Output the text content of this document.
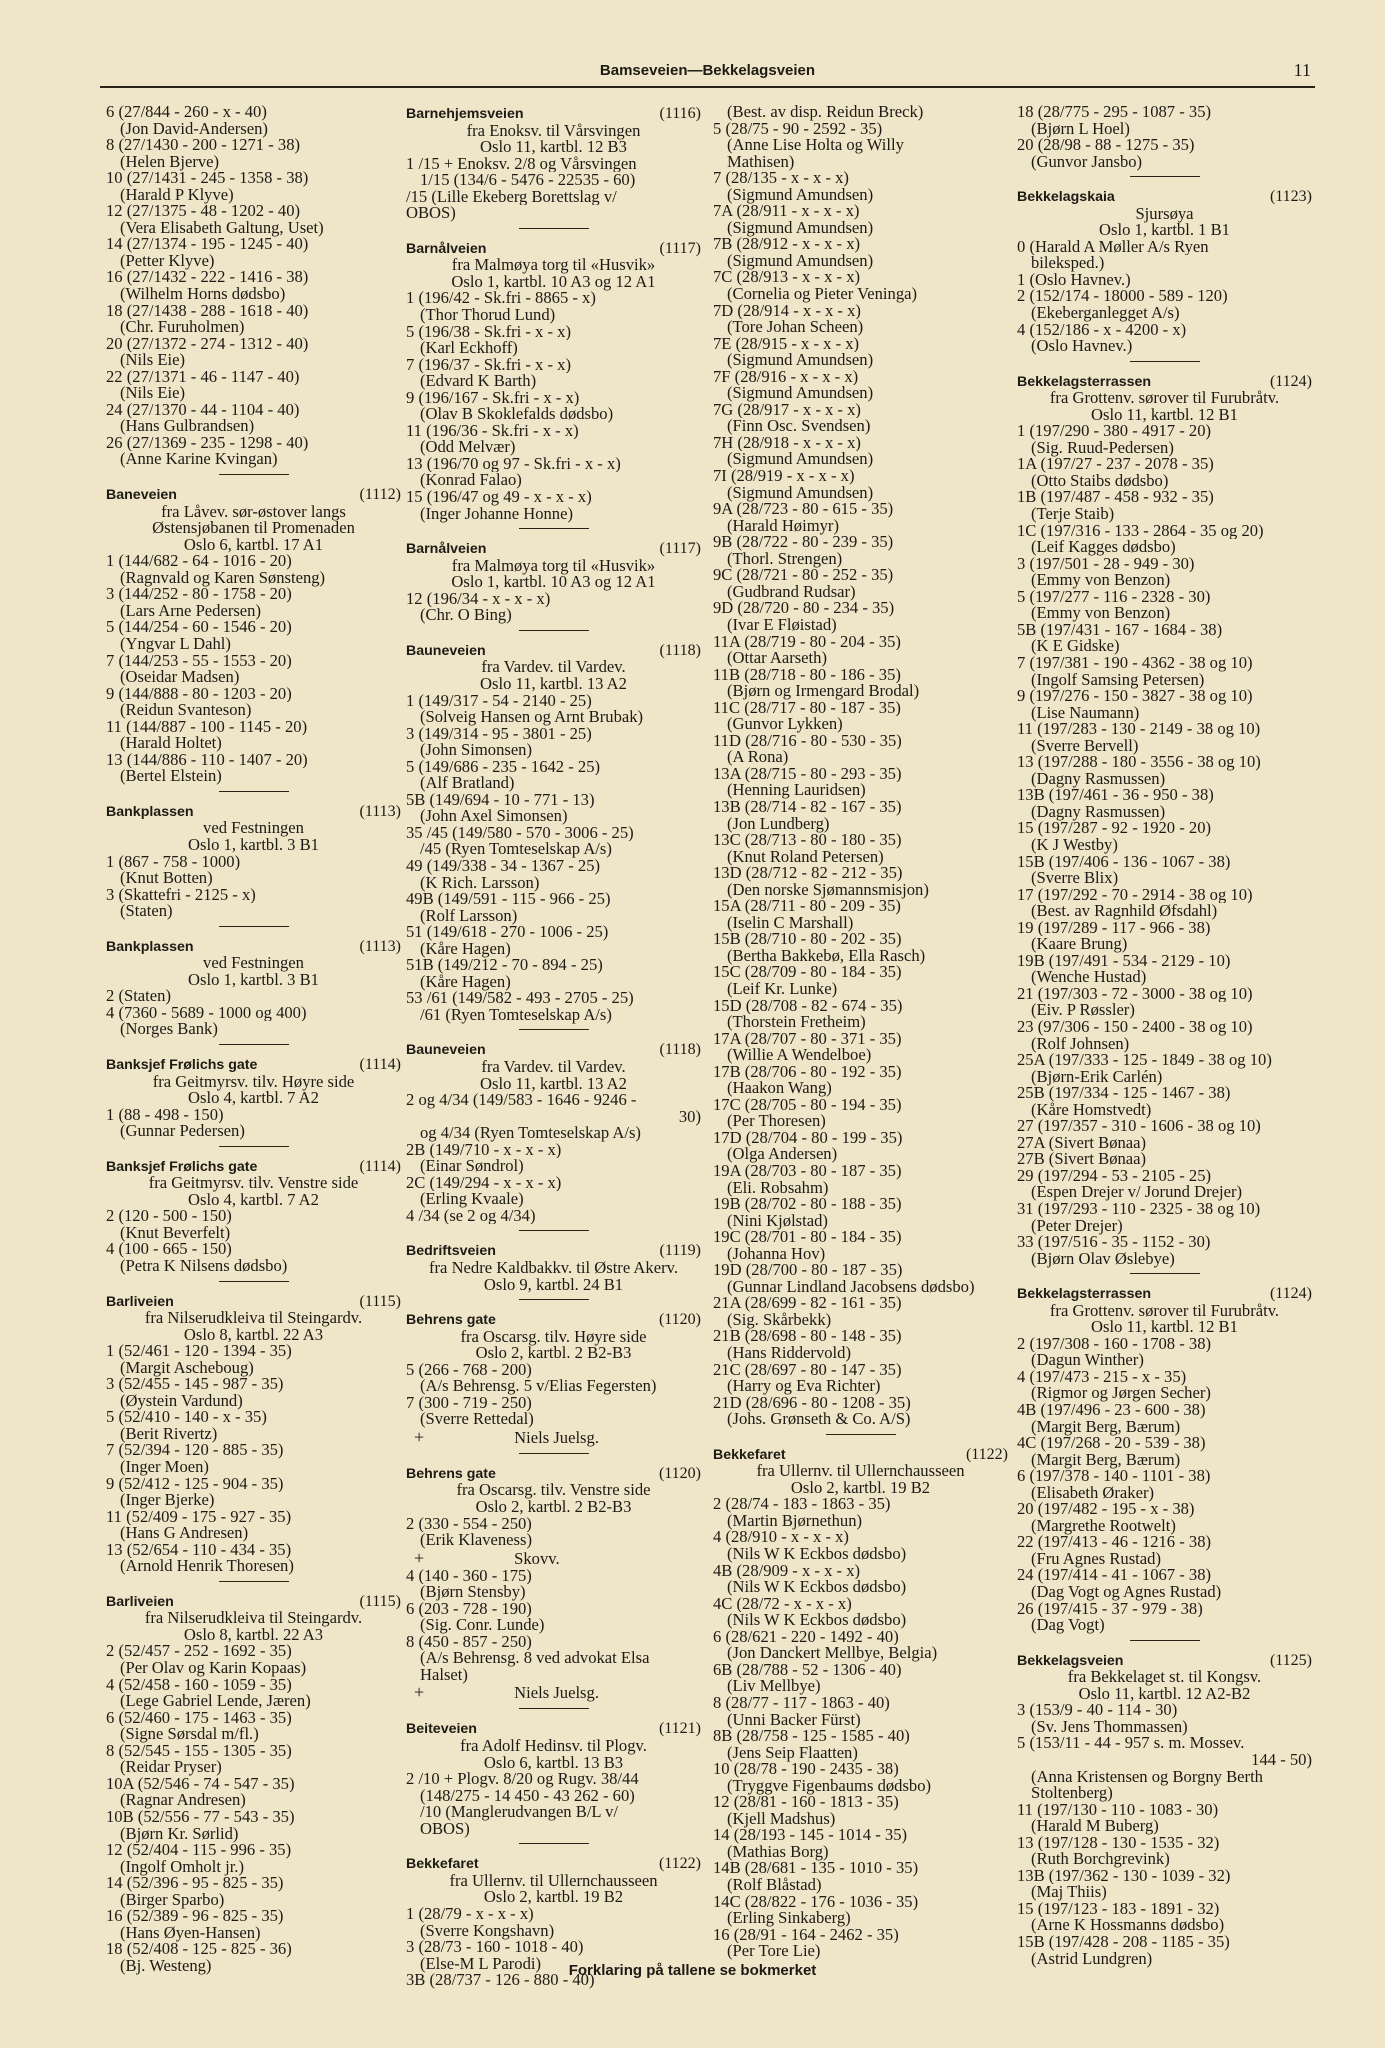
Bamseveien—Bekkelagsveien	11
6 (27/844 - 260 - x - 40)
(Jon David-Andersen)
8 (27/1430 - 200 - 1271 - 38)
(Helen Bjerve)
10 (27/1431 - 245 - 1358 - 38)
(Harald P Klyve)
12 (27/1375 - 48 - 1202 - 40)
(Vera Elisabeth Galtung, Uset)
14 (27/1374 - 195 - 1245 - 40)
(Petter Klyve)
16 (27/1432 - 222 - 1416 - 38)
(Wilhelm Horns dødsbo)
18 (27/1438 - 288 - 1618 - 40)
(Chr. Furuholmen)
20 (27/1372 - 274 - 1312 - 40)
(Nils Eie)
22 (27/1371 - 46 - 1147 - 40)
(Nils Eie)
24 (27/1370 - 44 - 1104 - 40)
(Hans Gulbrandsen)
26 (27/1369 - 235 - 1298 - 40)
(Anne Karine Kvingan)
Baneveien	(1112)
fra Låvev. sør-østover langs
Østensjøbanen til Promenaden
Oslo 6, kartbl. 17 A1
1 (144/682 - 64 - 1016 - 20)
(Ragnvald og Karen Sønsteng)
3 (144/252 - 80 - 1758 - 20)
(Lars Arne Pedersen)
5 (144/254 - 60 - 1546 - 20)
(Yngvar L Dahl)
7 (144/253 - 55 - 1553 - 20)
(Oseidar Madsen)
9 (144/888 - 80 - 1203 - 20)
(Reidun Svanteson)
11 (144/887 - 100 - 1145 - 20)
(Harald Holtet)
13 (144/886 - 110 - 1407 - 20)
(Bertel Elstein)
Bankplassen	(1113)
ved Festningen
Oslo 1, kartbl. 3 B1
1 (867 - 758 - 1000)
(Knut Botten)
3 (Skattefri - 2125 - x)
(Staten)
Bankplassen	(1113)
ved Festningen
Oslo 1, kartbl. 3 B1
2 (Staten)
4 (7360 - 5689 - 1000 og 400)
(Norges Bank)
Banksjef Frølichs gate	(1114)
fra Geitmyrsv. tilv. Høyre side
Oslo 4, kartbl. 7 A2
1 (88 - 498 - 150)
(Gunnar Pedersen)
Banksjef Frølichs gate	(1114)
fra Geitmyrsv. tilv. Venstre side
Oslo 4, kartbl. 7 A2
2 (120 - 500 - 150)
(Knut Beverfelt)
4 (100 - 665 - 150)
(Petra K Nilsens dødsbo)
Barliveien	(1115)
fra Nilserudkleiva til Steingardv.
Oslo 8, kartbl. 22 A3
1 (52/461 - 120 - 1394 - 35)
(Margit Ascheboug)
3 (52/455 - 145 - 987 - 35)
(Øystein Vardund)
5 (52/410 - 140 - x - 35)
(Berit Rivertz)
7 (52/394 - 120 - 885 - 35)
(Inger Moen)
9 (52/412 - 125 - 904 - 35)
(Inger Bjerke)
11 (52/409 - 175 - 927 - 35)
(Hans G Andresen)
13 (52/654 - 110 - 434 - 35)
(Arnold Henrik Thoresen)
Barliveien	(1115)
fra Nilserudkleiva til Steingardv.
Oslo 8, kartbl. 22 A3
2 (52/457 - 252 - 1692 - 35)
(Per Olav og Karin Kopaas)
4 (52/458 - 160 - 1059 - 35)
(Lege Gabriel Lende, Jæren)
6 (52/460 - 175 - 1463 - 35)
(Signe Sørsdal m/fl.)
8 (52/545 - 155 - 1305 - 35)
(Reidar Pryser)
10A (52/546 - 74 - 547 - 35)
(Ragnar Andresen)
10B (52/556 - 77 - 543 - 35)
(Bjørn Kr. Sørlid)
12 (52/404 - 115 - 996 - 35)
(Ingolf Omholt jr.)
14 (52/396 - 95 - 825 - 35)
(Birger Sparbo)
16 (52/389 - 96 - 825 - 35)
(Hans Øyen-Hansen)
18 (52/408 - 125 - 825 - 36)
(Bj. Westeng)
Barnehjemsveien	(1116)
fra Enoksv. til Vårsvingen
Oslo 11, kartbl. 12 B3
1 /15 + Enoksv. 2/8 og Vårsvingen
1/15 (134/6 - 5476 - 22535 - 60)
/15 (Lille Ekeberg Borettslag v/
OBOS)
Barnålveien	(1117)
fra Malmøya torg til «Husvik»
Oslo 1, kartbl. 10 A3 og 12 A1
1 (196/42 - Sk.fri - 8865 - x)
(Thor Thorud Lund)
5 (196/38 - Sk.fri - x - x)
(Karl Eckhoff)
7 (196/37 - Sk.fri - x - x)
(Edvard K Barth)
9 (196/167 - Sk.fri - x - x)
(Olav B Skoklefalds dødsbo)
11 (196/36 - Sk.fri - x - x)
(Odd Melvær)
13 (196/70 og 97 - Sk.fri - x - x)
(Konrad Falao)
15 (196/47 og 49 - x - x - x)
(Inger Johanne Honne)
Barnålveien	(1117)
fra Malmøya torg til «Husvik»
Oslo 1, kartbl. 10 A3 og 12 A1
12 (196/34 - x - x - x)
(Chr. O Bing)
Bauneveien	(1118)
fra Vardev. til Vardev.
Oslo 11, kartbl. 13 A2
1 (149/317 - 54 - 2140 - 25)
(Solveig Hansen og Arnt Brubak)
3 (149/314 - 95 - 3801 - 25)
(John Simonsen)
5 (149/686 - 235 - 1642 - 25)
(Alf Bratland)
5B (149/694 - 10 - 771 - 13)
(John Axel Simonsen)
35 /45 (149/580 - 570 - 3006 - 25)
/45 (Ryen Tomteselskap A/s)
49 (149/338 - 34 - 1367 - 25)
(K Rich. Larsson)
49B (149/591 - 115 - 966 - 25)
(Rolf Larsson)
51 (149/618 - 270 - 1006 - 25)
(Kåre Hagen)
51B (149/212 - 70 - 894 - 25)
(Kåre Hagen)
53 /61 (149/582 - 493 - 2705 - 25)
/61 (Ryen Tomteselskap A/s)
Bauneveien	(1118)
fra Vardev. til Vardev.
Oslo 11, kartbl. 13 A2
2 og 4/34 (149/583 - 1646 - 9246 -
30)
og 4/34 (Ryen Tomteselskap A/s)
2B (149/710 - x - x - x)
(Einar Søndrol)
2C (149/294 - x - x - x)
(Erling Kvaale)
4 /34 (se 2 og 4/34)
Bedriftsveien	(1119)
fra Nedre Kaldbakkv. til Østre Akerv.
Oslo 9, kartbl. 24 B1
Behrens gate	(1120)
fra Oscarsg. tilv. Høyre side
Oslo 2, kartbl. 2 B2-B3
5 (266 - 768 - 200)
(A/s Behrensg. 5 v/Elias Fegersten)
7 (300 - 719 - 250)
(Sverre Rettedal)
+	Niels Juelsg.
Behrens gate	(1120)
fra Oscarsg. tilv. Venstre side
Oslo 2, kartbl. 2 B2-B3
2 (330 - 554 - 250)
(Erik Klaveness)
+	Skovv.
4 (140 - 360 - 175)
(Bjørn Stensby)
6 (203 - 728 - 190)
(Sig. Conr. Lunde)
8 (450 - 857 - 250)
(A/s Behrensg. 8 ved advokat Elsa
Halset)
+	Niels Juelsg.
Beiteveien	(1121)
fra Adolf Hedinsv. til Plogv.
Oslo 6, kartbl. 13 B3
2 /10 + Plogv. 8/20 og Rugv. 38/44
(148/275 - 14 450 - 43 262 - 60)
/10 (Manglerudvangen B/L v/
OBOS)
Bekkefaret	(1122)
fra Ullernv. til Ullernchausseen
Oslo 2, kartbl. 19 B2
1 (28/79 - x - x - x)
(Sverre Kongshavn)
3 (28/73 - 160 - 1018 - 40)
(Else-M L Parodi)
3B (28/737 - 126 - 880 - 40)
(Best. av disp. Reidun Breck)
5 (28/75 - 90 - 2592 - 35)
(Anne Lise Holta og Willy
Mathisen)
7 (28/135 - x - x - x)
(Sigmund Amundsen)
7A (28/911 - x - x - x)
(Sigmund Amundsen)
7B (28/912 - x - x - x)
(Sigmund Amundsen)
7C (28/913 - x - x - x)
(Cornelia og Pieter Veninga)
7D (28/914 - x - x - x)
(Tore Johan Scheen)
7E (28/915 - x - x - x)
(Sigmund Amundsen)
7F (28/916 - x - x - x)
(Sigmund Amundsen)
7G (28/917 - x - x - x)
(Finn Osc. Svendsen)
7H (28/918 - x - x - x)
(Sigmund Amundsen)
7I (28/919 - x - x - x)
(Sigmund Amundsen)
9A (28/723 - 80 - 615 - 35)
(Harald Høimyr)
9B (28/722 - 80 - 239 - 35)
(Thorl. Strengen)
9C (28/721 - 80 - 252 - 35)
(Gudbrand Rudsar)
9D (28/720 - 80 - 234 - 35)
(Ivar E Fløistad)
11A (28/719 - 80 - 204 - 35)
(Ottar Aarseth)
11B (28/718 - 80 - 186 - 35)
(Bjørn og Irmengard Brodal)
11C (28/717 - 80 - 187 - 35)
(Gunvor Lykken)
11D (28/716 - 80 - 530 - 35)
(A Rona)
13A (28/715 - 80 - 293 - 35)
(Henning Lauridsen)
13B (28/714 - 82 - 167 - 35)
(Jon Lundberg)
13C (28/713 - 80 - 180 - 35)
(Knut Roland Petersen)
13D (28/712 - 82 - 212 - 35)
(Den norske Sjømannsmisjon)
15A (28/711 - 80 - 209 - 35)
(Iselin C Marshall)
15B (28/710 - 80 - 202 - 35)
(Bertha Bakkebø, Ella Rasch)
15C (28/709 - 80 - 184 - 35)
(Leif Kr. Lunke)
15D (28/708 - 82 - 674 - 35)
(Thorstein Fretheim)
17A (28/707 - 80 - 371 - 35)
(Willie A Wendelboe)
17B (28/706 - 80 - 192 - 35)
(Haakon Wang)
17C (28/705 - 80 - 194 - 35)
(Per Thoresen)
17D (28/704 - 80 - 199 - 35)
(Olga Andersen)
19A (28/703 - 80 - 187 - 35)
(Eli. Robsahm)
19B (28/702 - 80 - 188 - 35)
(Nini Kjølstad)
19C (28/701 - 80 - 184 - 35)
(Johanna Hov)
19D (28/700 - 80 - 187 - 35)
(Gunnar Lindland Jacobsens dødsbo)
21A (28/699 - 82 - 161 - 35)
(Sig. Skårbekk)
21B (28/698 - 80 - 148 - 35)
(Hans Riddervold)
21C (28/697 - 80 - 147 - 35)
(Harry og Eva Richter)
21D (28/696 - 80 - 1208 - 35)
(Johs. Grønseth & Co. A/S)
Bekkefaret	(1122)
fra Ullernv. til Ullernchausseen
Oslo 2, kartbl. 19 B2
2 (28/74 - 183 - 1863 - 35)
(Martin Bjørnethun)
4 (28/910 - x - x - x)
(Nils W K Eckbos dødsbo)
4B (28/909 - x - x - x)
(Nils W K Eckbos dødsbo)
4C (28/72 - x - x - x)
(Nils W K Eckbos dødsbo)
6 (28/621 - 220 - 1492 - 40)
(Jon Danckert Mellbye, Belgia)
6B (28/788 - 52 - 1306 - 40)
(Liv Mellbye)
8 (28/77 - 117 - 1863 - 40)
(Unni Backer Fürst)
8B (28/758 - 125 - 1585 - 40)
(Jens Seip Flaatten)
10 (28/78 - 190 - 2435 - 38)
(Tryggve Figenbaums dødsbo)
12 (28/81 - 160 - 1813 - 35)
(Kjell Madshus)
14 (28/193 - 145 - 1014 - 35)
(Mathias Borg)
14B (28/681 - 135 - 1010 - 35)
(Rolf Blåstad)
14C (28/822 - 176 - 1036 - 35)
(Erling Sinkaberg)
16 (28/91 - 164 - 2462 - 35)
(Per Tore Lie)
18 (28/775 - 295 - 1087 - 35)
(Bjørn L Hoel)
20 (28/98 - 88 - 1275 - 35)
(Gunvor Jansbo)
Bekkelagskaia	(1123)
Sjursøya
Oslo 1, kartbl. 1 B1
0 (Harald A Møller A/s Ryen
bileksped.)
1 (Oslo Havnev.)
2 (152/174 - 18000 - 589 - 120)
(Ekeberganlegget A/s)
4 (152/186 - x - 4200 - x)
(Oslo Havnev.)
Bekkelagsterrassen	(1124)
fra Grottenv. sørover til Furubråtv.
Oslo 11, kartbl. 12 B1
1 (197/290 - 380 - 4917 - 20)
(Sig. Ruud-Pedersen)
1A (197/27 - 237 - 2078 - 35)
(Otto Staibs dødsbo)
1B (197/487 - 458 - 932 - 35)
(Terje Staib)
1C (197/316 - 133 - 2864 - 35 og 20)
(Leif Kagges dødsbo)
3 (197/501 - 28 - 949 - 30)
(Emmy von Benzon)
5 (197/277 - 116 - 2328 - 30)
(Emmy von Benzon)
5B (197/431 - 167 - 1684 - 38)
(K E Gidske)
7 (197/381 - 190 - 4362 - 38 og 10)
(Ingolf Samsing Petersen)
9 (197/276 - 150 - 3827 - 38 og 10)
(Lise Naumann)
11 (197/283 - 130 - 2149 - 38 og 10)
(Sverre Bervell)
13 (197/288 - 180 - 3556 - 38 og 10)
(Dagny Rasmussen)
13B (197/461 - 36 - 950 - 38)
(Dagny Rasmussen)
15 (197/287 - 92 - 1920 - 20)
(K J Westby)
15B (197/406 - 136 - 1067 - 38)
(Sverre Blix)
17 (197/292 - 70 - 2914 - 38 og 10)
(Best. av Ragnhild Øfsdahl)
19 (197/289 - 117 - 966 - 38)
(Kaare Brung)
19B (197/491 - 534 - 2129 - 10)
(Wenche Hustad)
21 (197/303 - 72 - 3000 - 38 og 10)
(Eiv. P Røssler)
23 (97/306 - 150 - 2400 - 38 og 10)
(Rolf Johnsen)
25A (197/333 - 125 - 1849 - 38 og 10)
(Bjørn-Erik Carlén)
25B (197/334 - 125 - 1467 - 38)
(Kåre Homstvedt)
27 (197/357 - 310 - 1606 - 38 og 10)
27A (Sivert Bønaa)
27B (Sivert Bønaa)
29 (197/294 - 53 - 2105 - 25)
(Espen Drejer v/ Jorund Drejer)
31 (197/293 - 110 - 2325 - 38 og 10)
(Peter Drejer)
33 (197/516 - 35 - 1152 - 30)
(Bjørn Olav Øslebye)
Bekkelagsterrassen	(1124)
fra Grottenv. sørover til Furubråtv.
Oslo 11, kartbl. 12 B1
2 (197/308 - 160 - 1708 - 38)
(Dagun Winther)
4 (197/473 - 215 - x - 35)
(Rigmor og Jørgen Secher)
4B (197/496 - 23 - 600 - 38)
(Margit Berg, Bærum)
4C (197/268 - 20 - 539 - 38)
(Margit Berg, Bærum)
6 (197/378 - 140 - 1101 - 38)
(Elisabeth Øraker)
20 (197/482 - 195 - x - 38)
(Margrethe Rootwelt)
22 (197/413 - 46 - 1216 - 38)
(Fru Agnes Rustad)
24 (197/414 - 41 - 1067 - 38)
(Dag Vogt og Agnes Rustad)
26 (197/415 - 37 - 979 - 38)
(Dag Vogt)
Bekkelagsveien	(1125)
fra Bekkelaget st. til Kongsv.
Oslo 11, kartbl. 12 A2-B2
3 (153/9 - 40 - 114 - 30)
(Sv. Jens Thommassen)
5 (153/11 - 44 - 957 s. m. Mossev.
144 - 50)
(Anna Kristensen og Borgny Berth
Stoltenberg)
11 (197/130 - 110 - 1083 - 30)
(Harald M Buberg)
13 (197/128 - 130 - 1535 - 32)
(Ruth Borchgrevink)
13B (197/362 - 130 - 1039 - 32)
(Maj Thiis)
15 (197/123 - 183 - 1891 - 32)
(Arne K Hossmanns dødsbo)
15B (197/428 - 208 - 1185 - 35)
(Astrid Lundgren)
Forklaring på tallene se bokmerket
